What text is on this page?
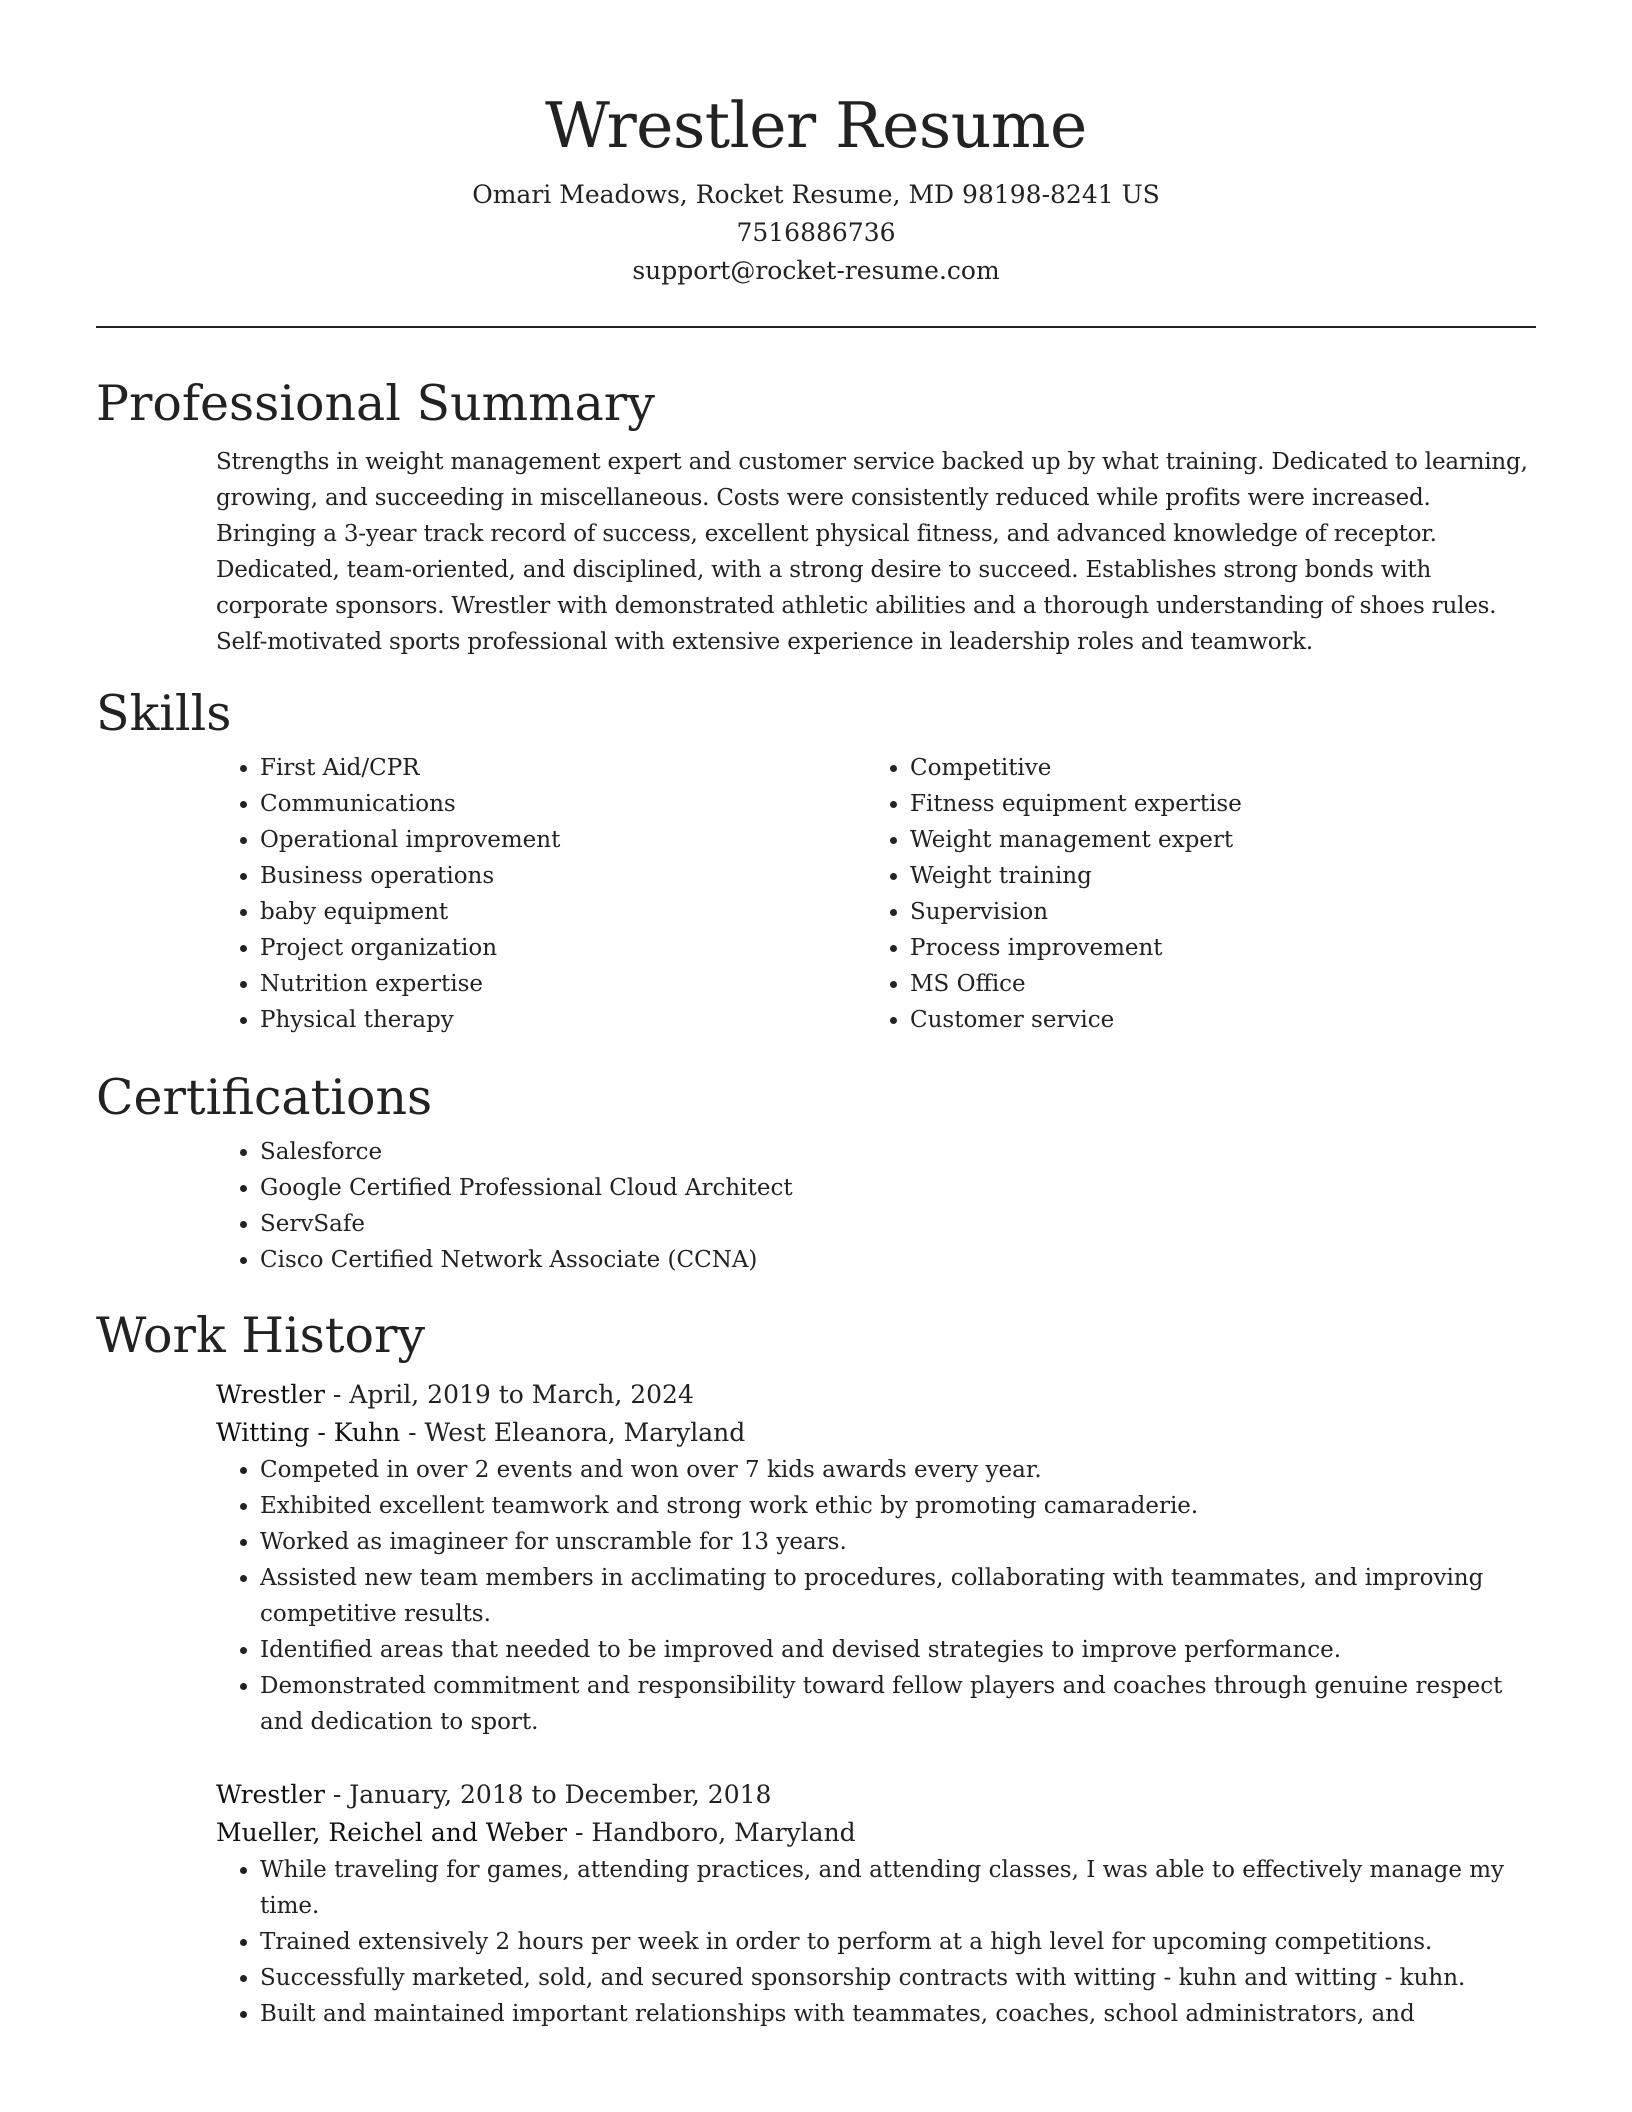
Wrestler Resume

Omari Meadows, Rocket Resume, MD 98198-8241 US

7516886736

support@rocket-resume.com

Professional Summary

Strengths in weight management expert and customer service backed up by what training. Dedicated to learning, growing, and succeeding in miscellaneous. Costs were consistently reduced while profits were increased. Bringing a 3-year track record of success, excellent physical fitness, and advanced knowledge of receptor. Dedicated, team-oriented, and disciplined, with a strong desire to succeed. Establishes strong bonds with corporate sponsors. Wrestler with demonstrated athletic abilities and a thorough understanding of shoes rules. Self-motivated sports professional with extensive experience in leadership roles and teamwork.

Skills
• First Aid/CPR
• Communications
• Operational improvement
• Business operations
• baby equipment
• Project organization
• Nutrition expertise
• Physical therapy
• Competitive
• Fitness equipment expertise
• Weight management expert
• Weight training
• Supervision
• Process improvement
• MS Office
• Customer service
Certifications
• Salesforce
• Google Certified Professional Cloud Architect
• ServSafe
• Cisco Certified Network Associate (CCNA)
Work History

Wrestler - April, 2019 to March, 2024

Witting - Kuhn - West Eleanora, Maryland

• Competed in over 2 events and won over 7 kids awards every year.
• Exhibited excellent teamwork and strong work ethic by promoting camaraderie.
• Worked as imagineer for unscramble for 13 years.
• Assisted new team members in acclimating to procedures, collaborating with teammates, and improving competitive results.
• Identified areas that needed to be improved and devised strategies to improve performance.
• Demonstrated commitment and responsibility toward fellow players and coaches through genuine respect and dedication to sport.

Wrestler - January, 2018 to December, 2018

Mueller, Reichel and Weber - Handboro, Maryland

• While traveling for games, attending practices, and attending classes, I was able to effectively manage my time.
• Trained extensively 2 hours per week in order to perform at a high level for upcoming competitions.
• Successfully marketed, sold, and secured sponsorship contracts with witting - kuhn and witting - kuhn.
• Built and maintained important relationships with teammates, coaches, school administrators, and
